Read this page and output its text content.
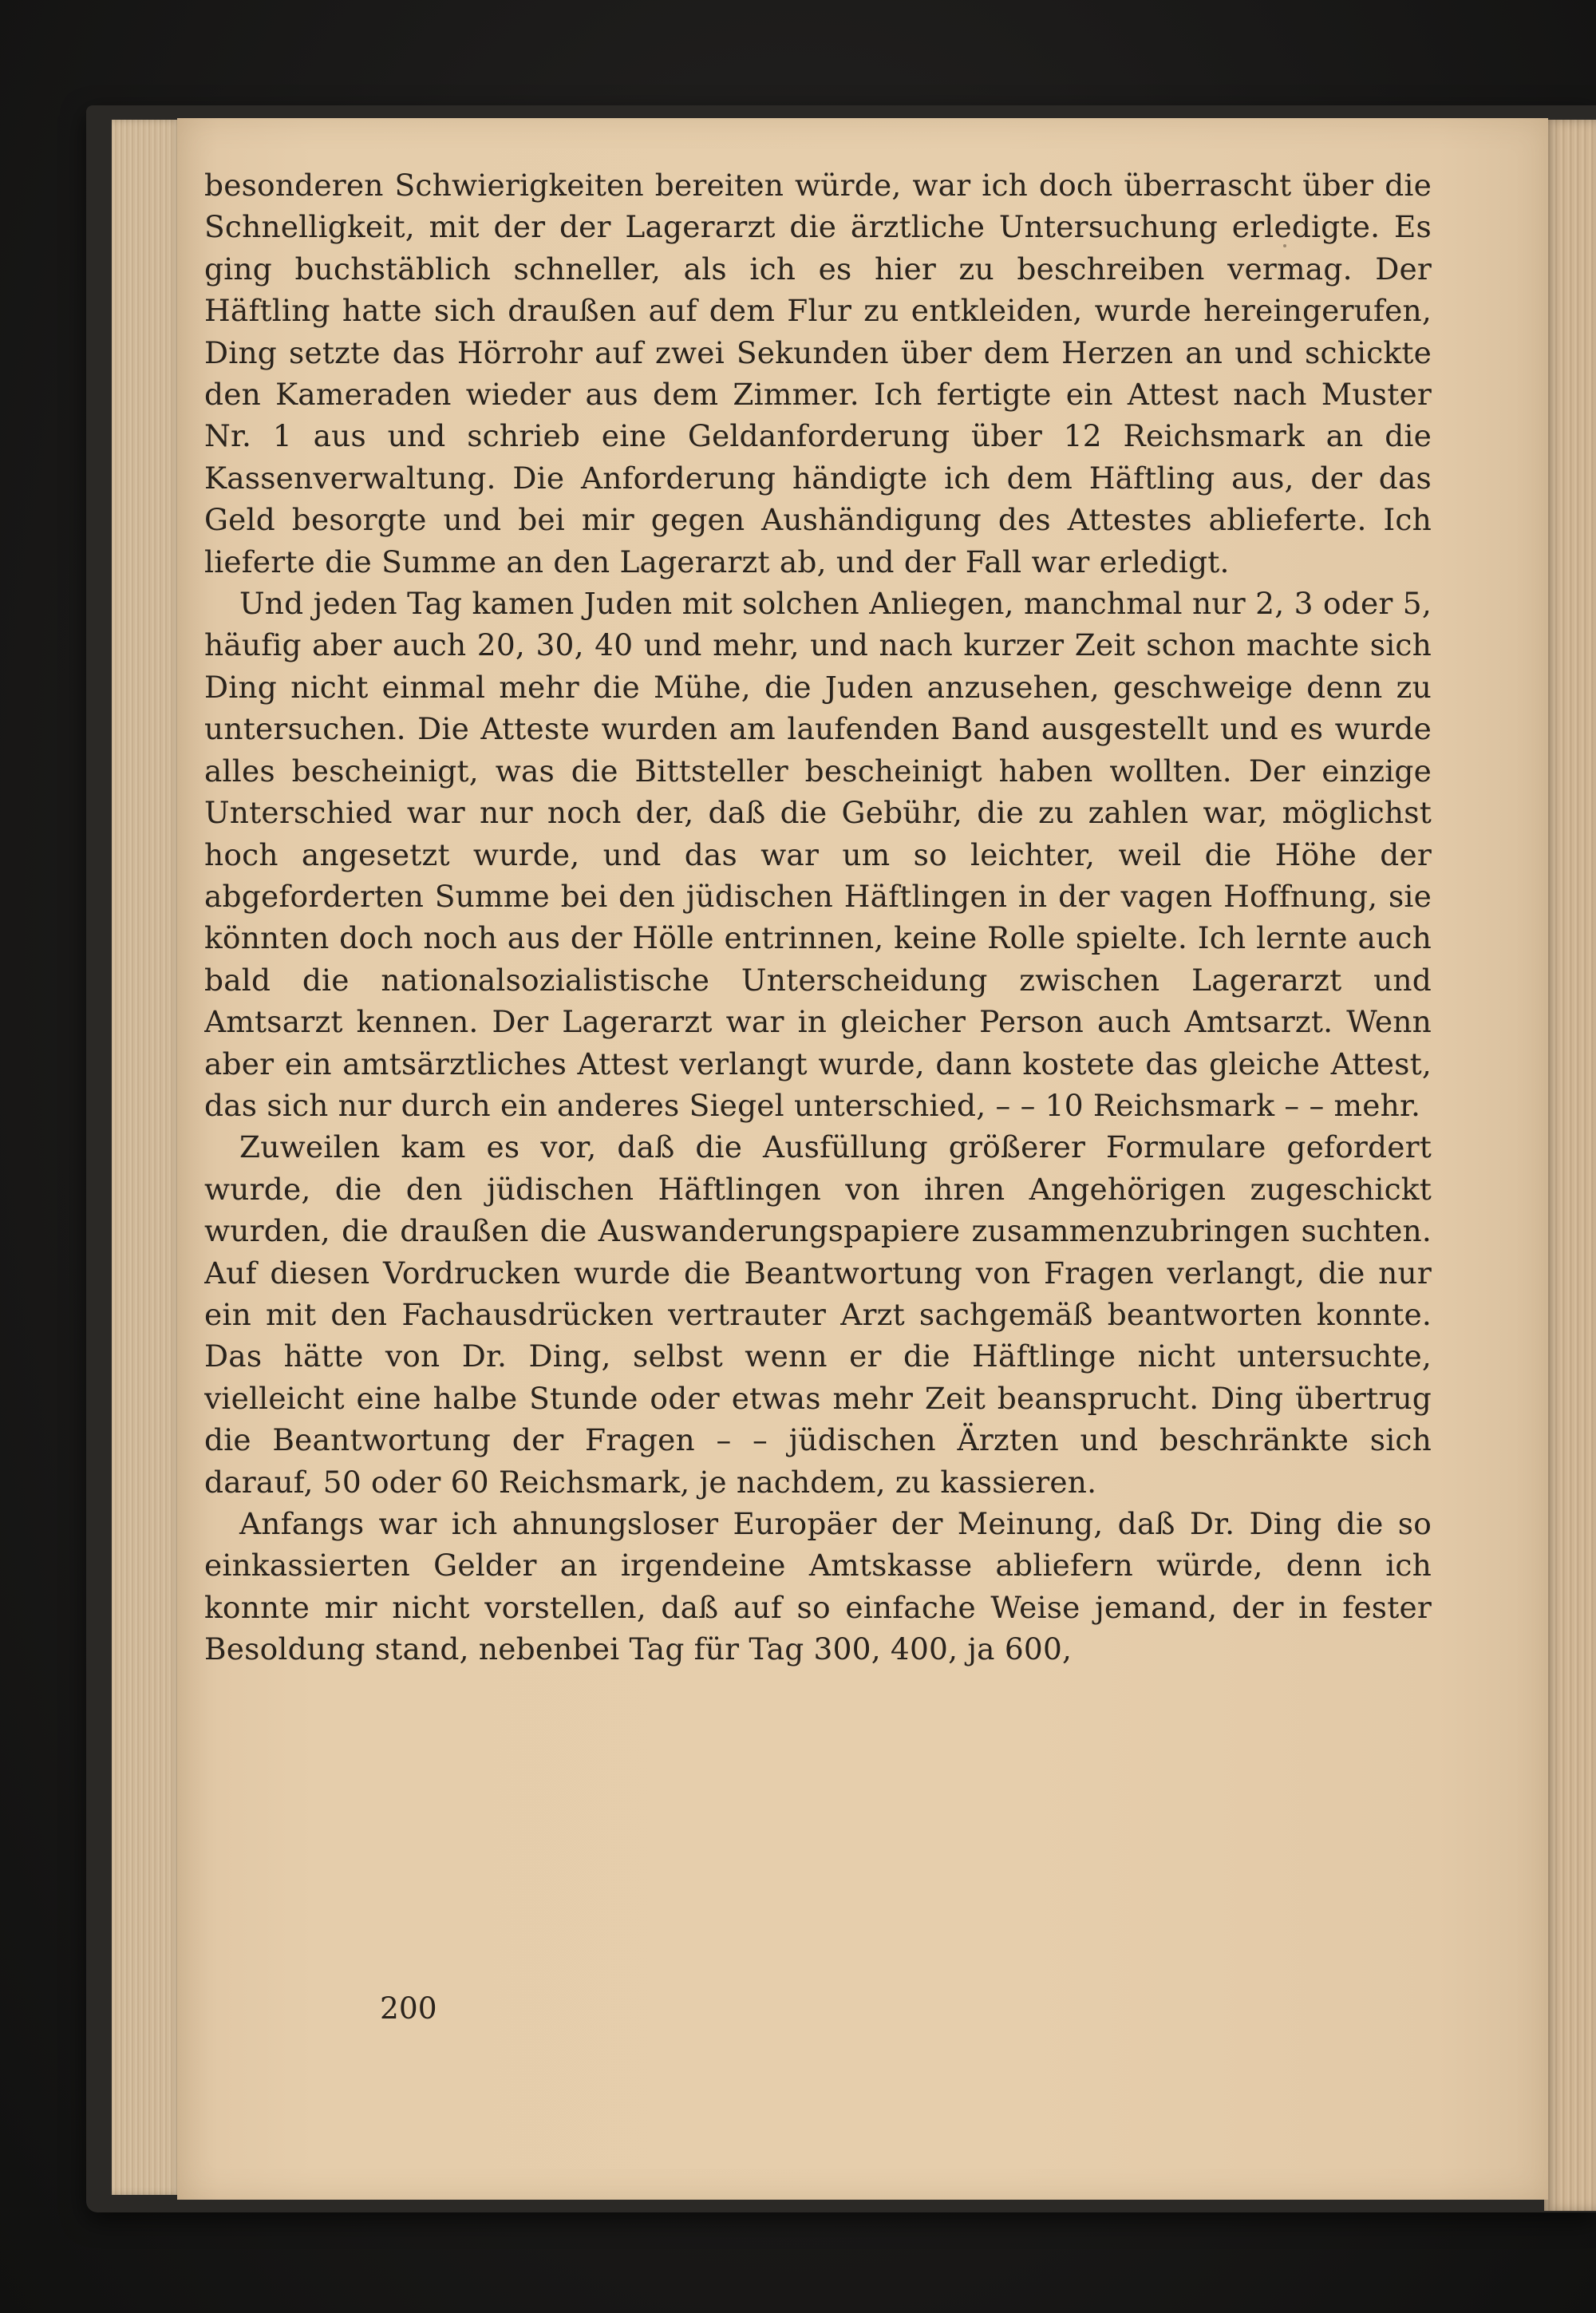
besonderen Schwierigkeiten bereiten würde, war ich doch überrascht über die Schnelligkeit, mit der der Lagerarzt die ärztliche Untersuchung erledigte. Es ging buchstäblich schneller, als ich es hier zu beschreiben vermag. Der Häftling hatte sich draußen auf dem Flur zu entkleiden, wurde hereingerufen, Ding setzte das Hörrohr auf zwei Sekunden über dem Herzen an und schickte den Kameraden wieder aus dem Zimmer. Ich fertigte ein Attest nach Muster Nr. 1 aus und schrieb eine Geldanforderung über 12 Reichsmark an die Kassenverwaltung. Die Anforderung händigte ich dem Häftling aus, der das Geld besorgte und bei mir gegen Aushändigung des Attestes ablieferte. Ich lieferte die Summe an den Lagerarzt ab, und der Fall war erledigt.

Und jeden Tag kamen Juden mit solchen Anliegen, manchmal nur 2, 3 oder 5, häufig aber auch 20, 30, 40 und mehr, und nach kurzer Zeit schon machte sich Ding nicht einmal mehr die Mühe, die Juden anzusehen, geschweige denn zu untersuchen. Die Atteste wurden am laufenden Band ausgestellt und es wurde alles bescheinigt, was die Bittsteller bescheinigt haben wollten. Der einzige Unterschied war nur noch der, daß die Gebühr, die zu zahlen war, möglichst hoch angesetzt wurde, und das war um so leichter, weil die Höhe der abgeforderten Summe bei den jüdischen Häftlingen in der vagen Hoffnung, sie könnten doch noch aus der Hölle entrinnen, keine Rolle spielte. Ich lernte auch bald die nationalsozialistische Unterscheidung zwischen Lagerarzt und Amtsarzt kennen. Der Lagerarzt war in gleicher Person auch Amtsarzt. Wenn aber ein amtsärztliches Attest verlangt wurde, dann kostete das gleiche Attest, das sich nur durch ein anderes Siegel unterschied, – – 10 Reichsmark – – mehr.

Zuweilen kam es vor, daß die Ausfüllung größerer Formulare gefordert wurde, die den jüdischen Häftlingen von ihren Angehörigen zugeschickt wurden, die draußen die Auswanderungspapiere zusammenzubringen suchten. Auf diesen Vordrucken wurde die Beantwortung von Fragen verlangt, die nur ein mit den Fachausdrücken vertrauter Arzt sachgemäß beantworten konnte. Das hätte von Dr. Ding, selbst wenn er die Häftlinge nicht untersuchte, vielleicht eine halbe Stunde oder etwas mehr Zeit beansprucht. Ding übertrug die Beantwortung der Fragen – – jüdischen Ärzten und beschränkte sich darauf, 50 oder 60 Reichsmark, je nachdem, zu kassieren.

Anfangs war ich ahnungsloser Europäer der Meinung, daß Dr. Ding die so einkassierten Gelder an irgendeine Amtskasse abliefern würde, denn ich konnte mir nicht vorstellen, daß auf so einfache Weise jemand, der in fester Besoldung stand, nebenbei Tag für Tag 300, 400, ja 600,

200
